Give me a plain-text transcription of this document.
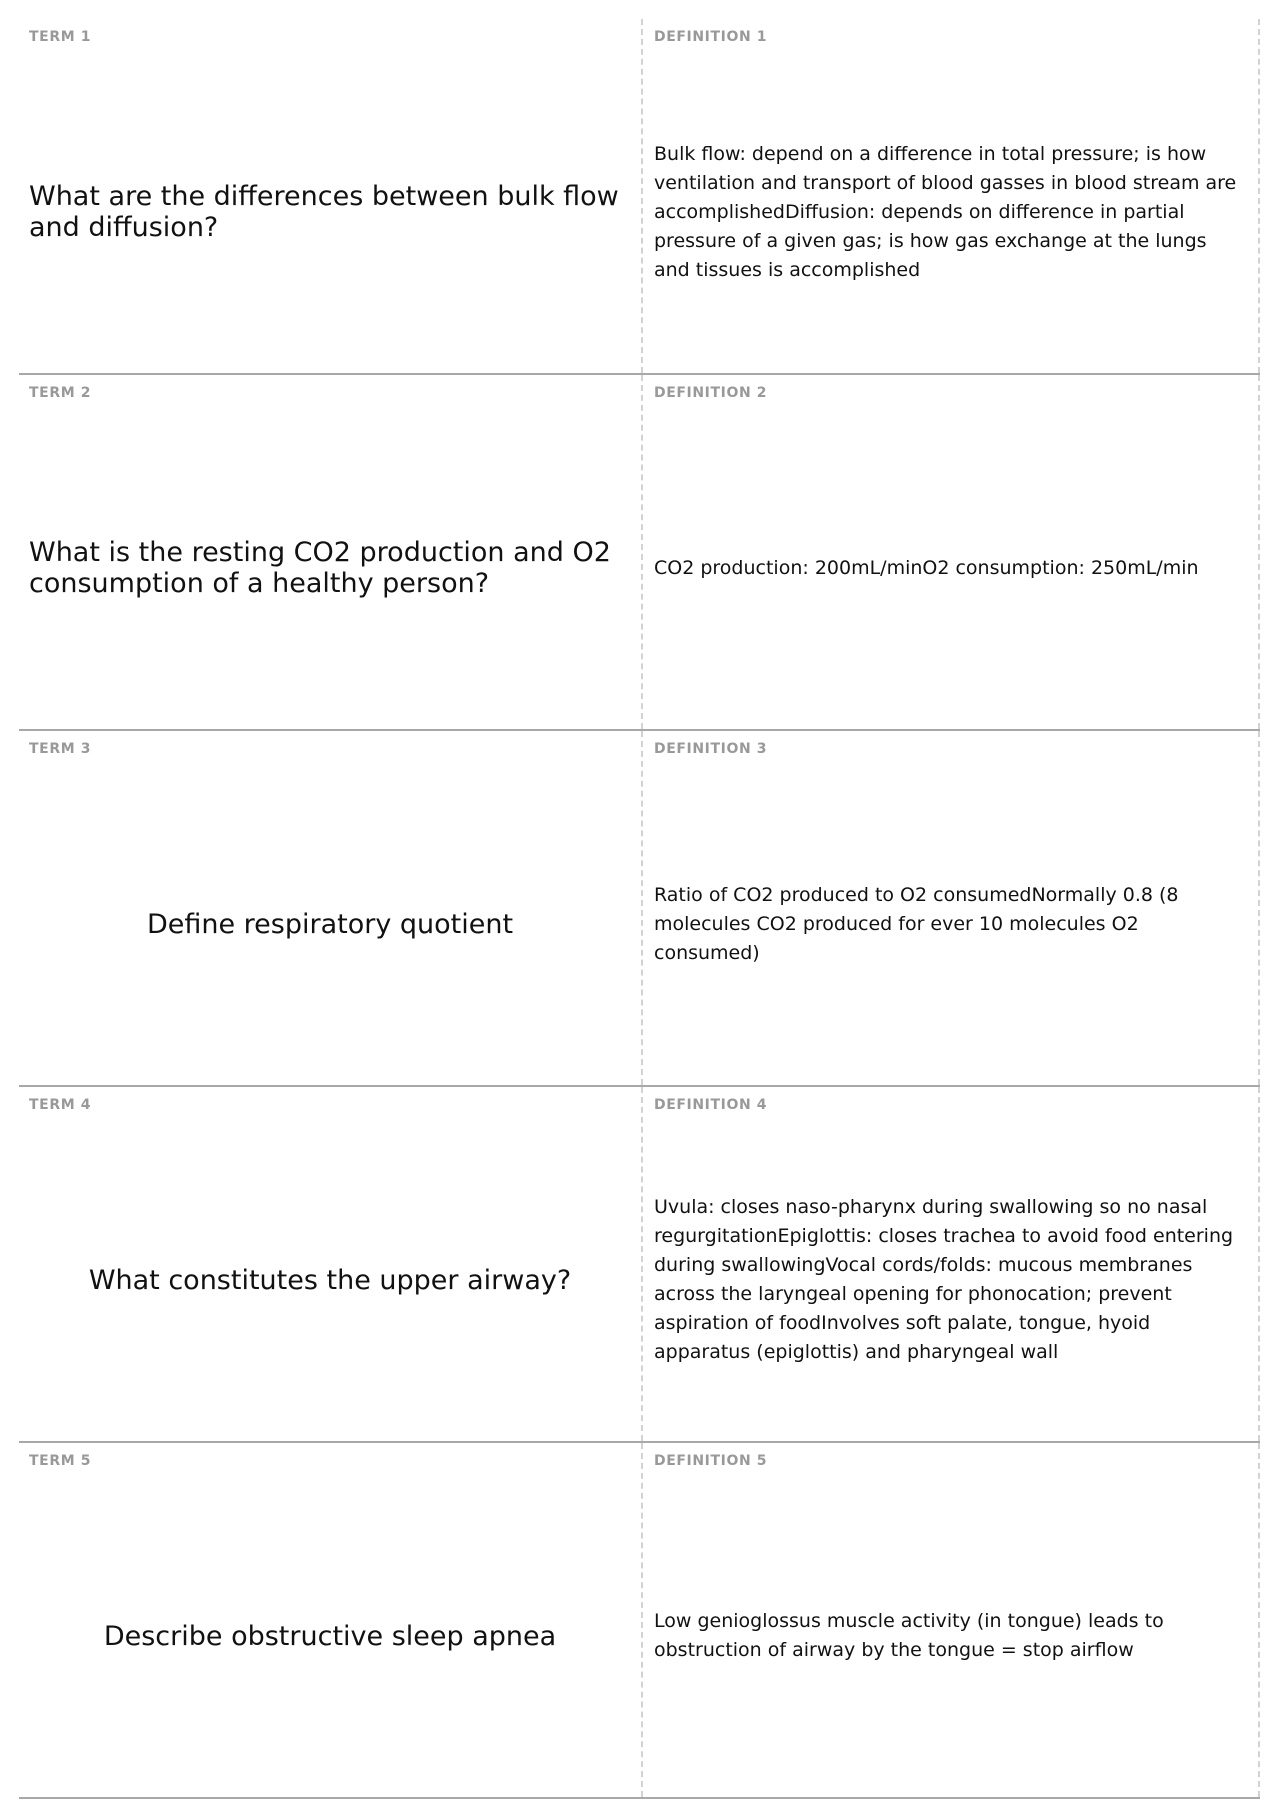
TERM 1
What are the differences between bulk flow and diffusion?
DEFINITION 1
Bulk flow: depend on a difference in total pressure; is how ventilation and transport of blood gasses in blood stream are accomplishedDiffusion: depends on difference in partial pressure of a given gas; is how gas exchange at the lungs and tissues is accomplished
TERM 2
What is the resting CO2 production and O2 consumption of a healthy person?
DEFINITION 2
CO2 production: 200mL/minO2 consumption: 250mL/min
TERM 3
Define respiratory quotient
DEFINITION 3
Ratio of CO2 produced to O2 consumedNormally 0.8 (8 molecules CO2 produced for ever 10 molecules O2 consumed)
TERM 4
What constitutes the upper airway?
DEFINITION 4
Uvula: closes naso-pharynx during swallowing so no nasal regurgitationEpiglottis: closes trachea to avoid food entering during swallowingVocal cords/folds: mucous membranes across the laryngeal opening for phonocation; prevent aspiration of foodInvolves soft palate, tongue, hyoid apparatus (epiglottis) and pharyngeal wall
TERM 5
Describe obstructive sleep apnea
DEFINITION 5
Low genioglossus muscle activity (in tongue) leads to obstruction of airway by the tongue = stop airflow
